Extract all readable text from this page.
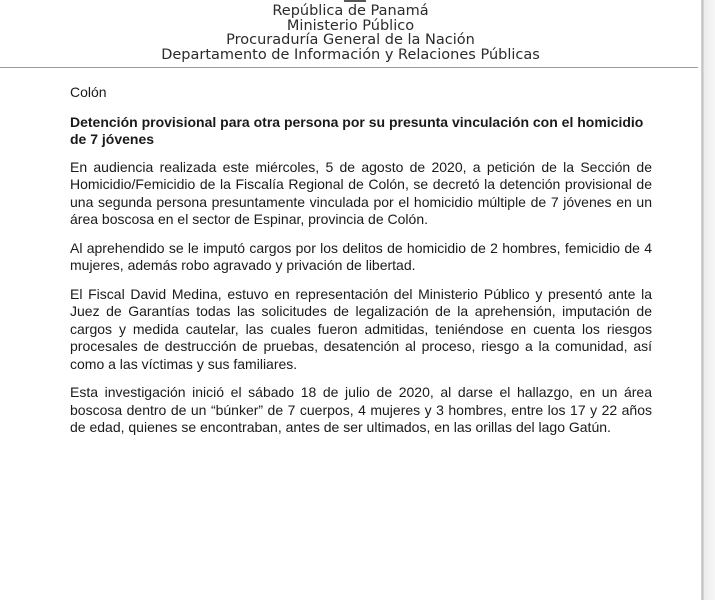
República de Panamá
Ministerio Público
Procuraduría General de la Nación
Departamento de Información y Relaciones Públicas

Colón

Detención provisional para otra persona por su presunta vinculación con el homicidio de 7 jóvenes

En audiencia realizada este miércoles, 5 de agosto de 2020, a petición de la Sección de Homicidio/Femicidio de la Fiscalía Regional de Colón, se decretó la detención provisional de una segunda persona presuntamente vinculada por el homicidio múltiple de 7 jóvenes en un área boscosa en el sector de Espinar, provincia de Colón.

Al aprehendido se le imputó cargos por los delitos de homicidio de 2 hombres, femicidio de 4 mujeres, además robo agravado y privación de libertad.

El Fiscal David Medina, estuvo en representación del Ministerio Público y presentó ante la Juez de Garantías todas las solicitudes de legalización de la aprehensión, imputación de cargos y medida cautelar, las cuales fueron admitidas, teniéndose en cuenta los riesgos procesales de destrucción de pruebas, desatención al proceso, riesgo a la comunidad, así como a las víctimas y sus familiares.

Esta investigación inició el sábado 18 de julio de 2020, al darse el hallazgo, en un área boscosa dentro de un “búnker” de 7 cuerpos, 4 mujeres y 3 hombres, entre los 17 y 22 años de edad, quienes se encontraban, antes de ser ultimados, en las orillas del lago Gatún.
